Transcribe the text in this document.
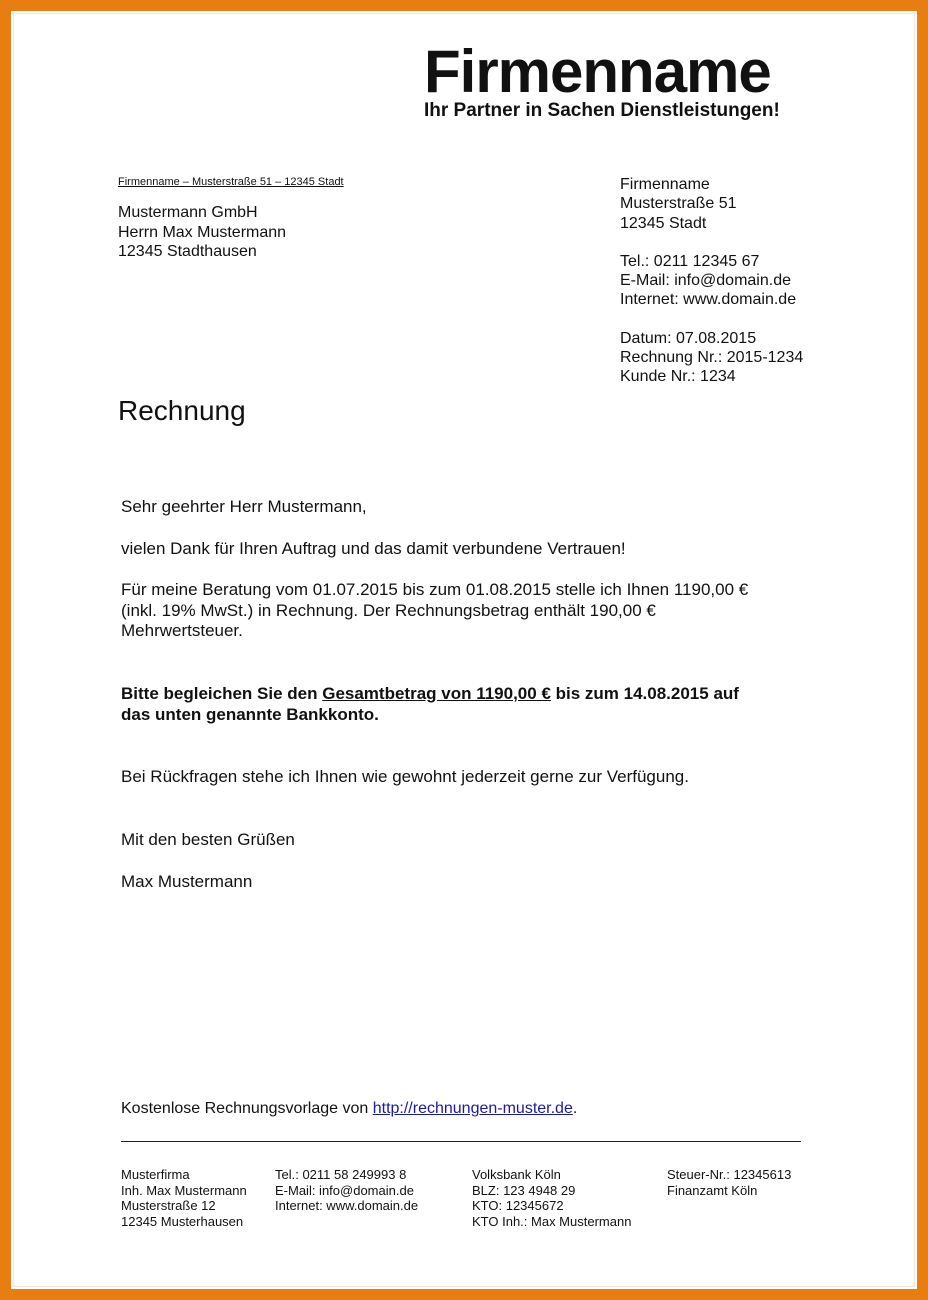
Firmenname
Ihr Partner in Sachen Dienstleistungen!
Firmenname – Musterstraße 51 – 12345 Stadt
Mustermann GmbH
Herrn Max Mustermann
12345 Stadthausen
Firmenname
Musterstraße 51
12345 Stadt
Tel.: 0211 12345 67
E-Mail: info@domain.de
Internet: www.domain.de
Datum: 07.08.2015
Rechnung Nr.: 2015-1234
Kunde Nr.: 1234
Rechnung
Sehr geehrter Herr Mustermann,
vielen Dank für Ihren Auftrag und das damit verbundene Vertrauen!
Für meine Beratung vom 01.07.2015 bis zum 01.08.2015 stelle ich Ihnen 1190,00 €
(inkl. 19% MwSt.) in Rechnung. Der Rechnungsbetrag enthält 190,00 €
Mehrwertsteuer.
Bitte begleichen Sie den Gesamtbetrag von 1190,00 € bis zum 14.08.2015 auf
das unten genannte Bankkonto.
Bei Rückfragen stehe ich Ihnen wie gewohnt jederzeit gerne zur Verfügung.
Mit den besten Grüßen
Max Mustermann
Kostenlose Rechnungsvorlage von http://rechnungen-muster.de.
Musterfirma
Inh. Max Mustermann
Musterstraße 12
12345 Musterhausen
Tel.: 0211 58 249993 8
E-Mail: info@domain.de
Internet: www.domain.de
Volksbank Köln
BLZ: 123 4948 29
KTO: 12345672
KTO Inh.: Max Mustermann
Steuer-Nr.: 12345613
Finanzamt Köln
